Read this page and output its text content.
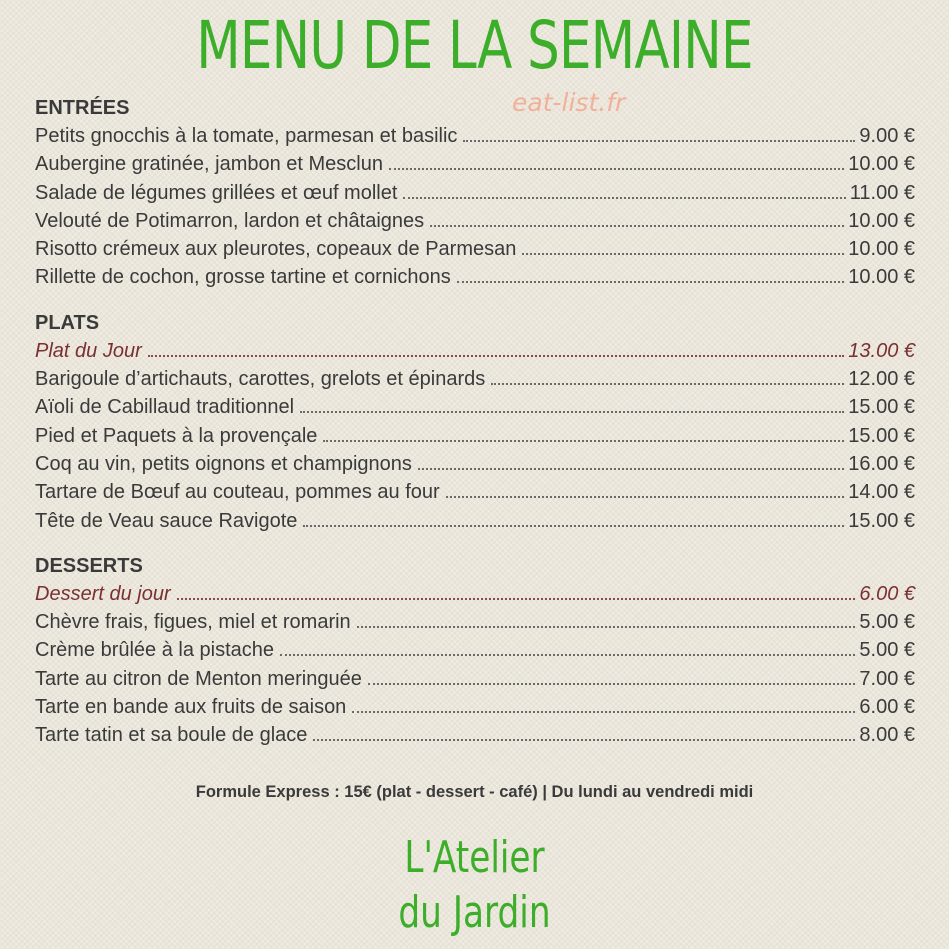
MENU DE LA SEMAINE
eat-list.fr
ENTRÉES
Petits gnocchis à la tomate, parmesan et basilic	9.00 €
Aubergine gratinée, jambon et Mesclun	10.00 €
Salade de légumes grillées et œuf mollet	11.00 €
Velouté de Potimarron, lardon et châtaignes	10.00 €
Risotto crémeux aux pleurotes, copeaux de Parmesan	10.00 €
Rillette de cochon, grosse tartine et cornichons	10.00 €
PLATS
Plat du Jour	13.00 €
Barigoule d’artichauts, carottes, grelots et épinards	12.00 €
Aïoli de Cabillaud traditionnel	15.00 €
Pied et Paquets à la provençale	15.00 €
Coq au vin, petits oignons et champignons	16.00 €
Tartare de Bœuf au couteau, pommes au four	14.00 €
Tête de Veau sauce Ravigote	15.00 €
DESSERTS
Dessert du jour	6.00 €
Chèvre frais, figues, miel et romarin	5.00 €
Crème brûlée à la pistache	5.00 €
Tarte au citron de Menton meringuée	7.00 €
Tarte en bande aux fruits de saison	6.00 €
Tarte tatin et sa boule de glace	8.00 €
Formule Express : 15€ (plat - dessert - café) | Du lundi au vendredi midi
L'Atelier
du Jardin
